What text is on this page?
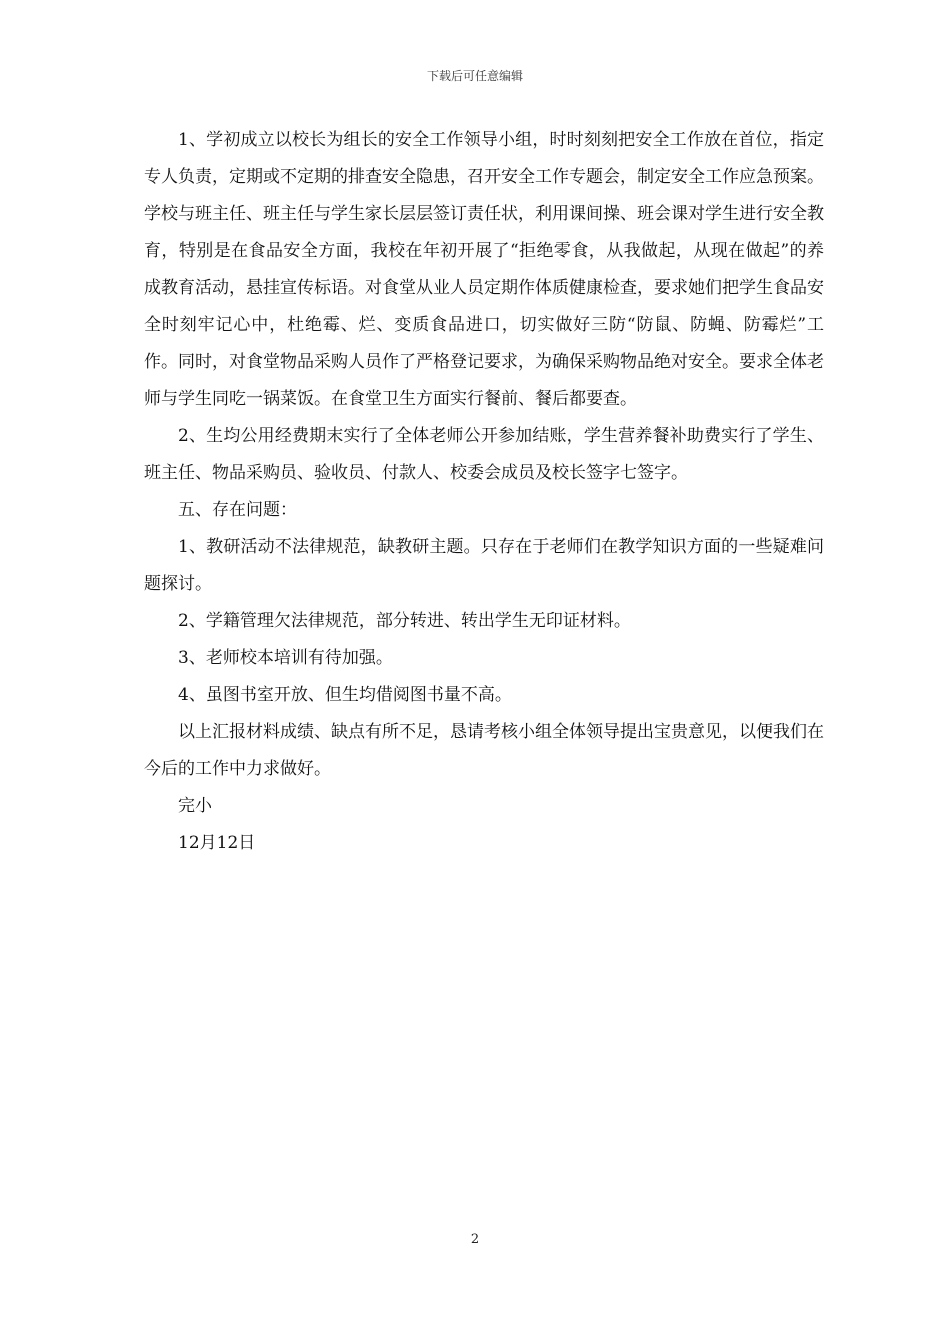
下载后可任意编辑

1、学初成立以校长为组长的安全工作领导小组，时时刻刻把安全工作放在首位，指定专人负责，定期或不定期的排查安全隐患，召开安全工作专题会，制定安全工作应急预案。学校与班主任、班主任与学生家长层层签订责任状，利用课间操、班会课对学生进行安全教育，特别是在食品安全方面，我校在年初开展了“拒绝零食，从我做起，从现在做起”的养成教育活动，悬挂宣传标语。对食堂从业人员定期作体质健康检查，要求她们把学生食品安全时刻牢记心中，杜绝霉、烂、变质食品进口，切实做好三防“防鼠、防蝇、防霉烂”工作。同时，对食堂物品采购人员作了严格登记要求，为确保采购物品绝对安全。要求全体老师与学生同吃一锅菜饭。在食堂卫生方面实行餐前、餐后都要查。

2、生均公用经费期末实行了全体老师公开参加结账，学生营养餐补助费实行了学生、班主任、物品采购员、验收员、付款人、校委会成员及校长签字七签字。

五、存在问题：

1、教研活动不法律规范，缺教研主题。只存在于老师们在教学知识方面的一些疑难问题探讨。

2、学籍管理欠法律规范，部分转进、转出学生无印证材料。

3、老师校本培训有待加强。

4、虽图书室开放、但生均借阅图书量不高。

以上汇报材料成绩、缺点有所不足，恳请考核小组全体领导提出宝贵意见，以便我们在今后的工作中力求做好。

完小

12月12日

2
